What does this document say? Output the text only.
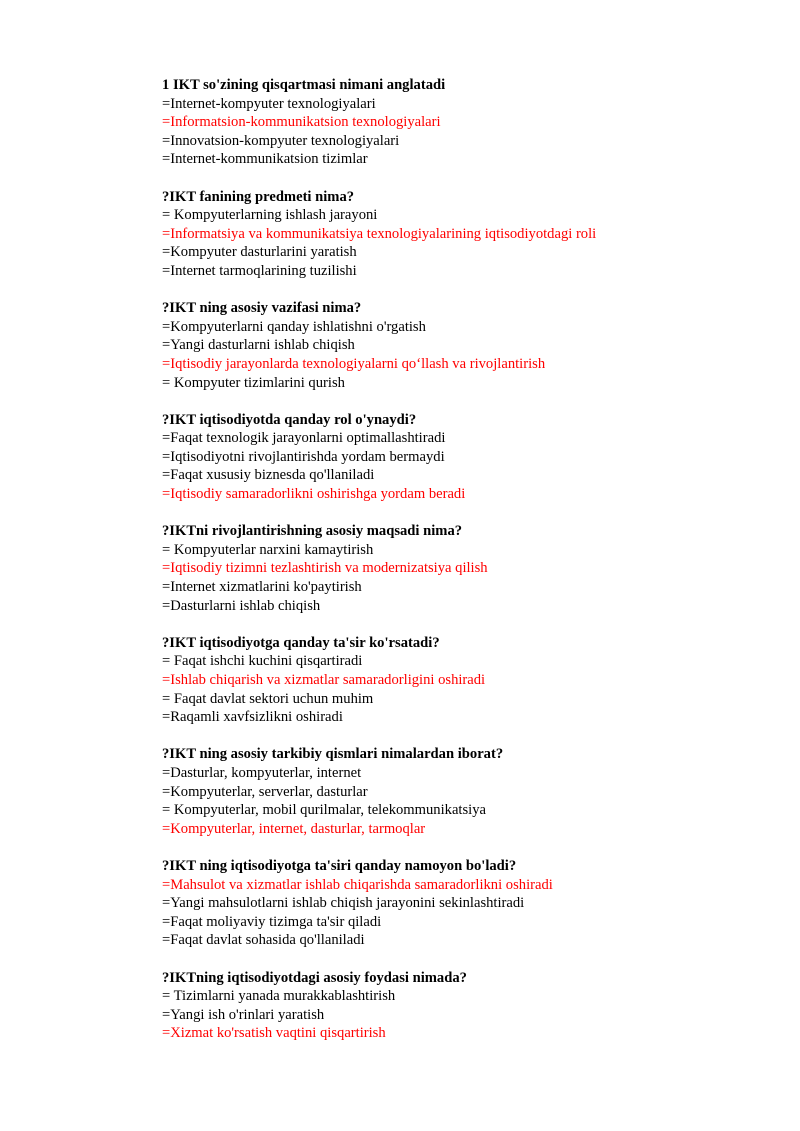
1 IKT so'zining qisqartmasi nimani anglatadi
=Internet-kompyuter texnologiyalari
=Informatsion-kommunikatsion texnologiyalari
=Innovatsion-kompyuter texnologiyalari
=Internet-kommunikatsion tizimlar
?IKT fanining predmeti nima?
= Kompyuterlarning ishlash jarayoni
=Informatsiya va kommunikatsiya texnologiyalarining iqtisodiyotdagi roli
=Kompyuter dasturlarini yaratish
=Internet tarmoqlarining tuzilishi
?IKT ning asosiy vazifasi nima?
=Kompyuterlarni qanday ishlatishni o'rgatish
=Yangi dasturlarni ishlab chiqish
=Iqtisodiy jarayonlarda texnologiyalarni qo‘llash va rivojlantirish
= Kompyuter tizimlarini qurish
?IKT iqtisodiyotda qanday rol o'ynaydi?
=Faqat texnologik jarayonlarni optimallashtiradi
=Iqtisodiyotni rivojlantirishda yordam bermaydi
=Faqat xususiy biznesda qo'llaniladi
=Iqtisodiy samaradorlikni oshirishga yordam beradi
?IKTni rivojlantirishning asosiy maqsadi nima?
= Kompyuterlar narxini kamaytirish
=Iqtisodiy tizimni tezlashtirish va modernizatsiya qilish
=Internet xizmatlarini ko'paytirish
=Dasturlarni ishlab chiqish
?IKT iqtisodiyotga qanday ta'sir ko'rsatadi?
= Faqat ishchi kuchini qisqartiradi
=Ishlab chiqarish va xizmatlar samaradorligini oshiradi
= Faqat davlat sektori uchun muhim
=Raqamli xavfsizlikni oshiradi
?IKT ning asosiy tarkibiy qismlari nimalardan iborat?
=Dasturlar, kompyuterlar, internet
=Kompyuterlar, serverlar, dasturlar
= Kompyuterlar, mobil qurilmalar, telekommunikatsiya
=Kompyuterlar, internet, dasturlar, tarmoqlar
?IKT ning iqtisodiyotga ta'siri qanday namoyon bo'ladi?
=Mahsulot va xizmatlar ishlab chiqarishda samaradorlikni oshiradi
=Yangi mahsulotlarni ishlab chiqish jarayonini sekinlashtiradi
=Faqat moliyaviy tizimga ta'sir qiladi
=Faqat davlat sohasida qo'llaniladi
?IKTning iqtisodiyotdagi asosiy foydasi nimada?
= Tizimlarni yanada murakkablashtirish
=Yangi ish o'rinlari yaratish
=Xizmat ko'rsatish vaqtini qisqartirish
